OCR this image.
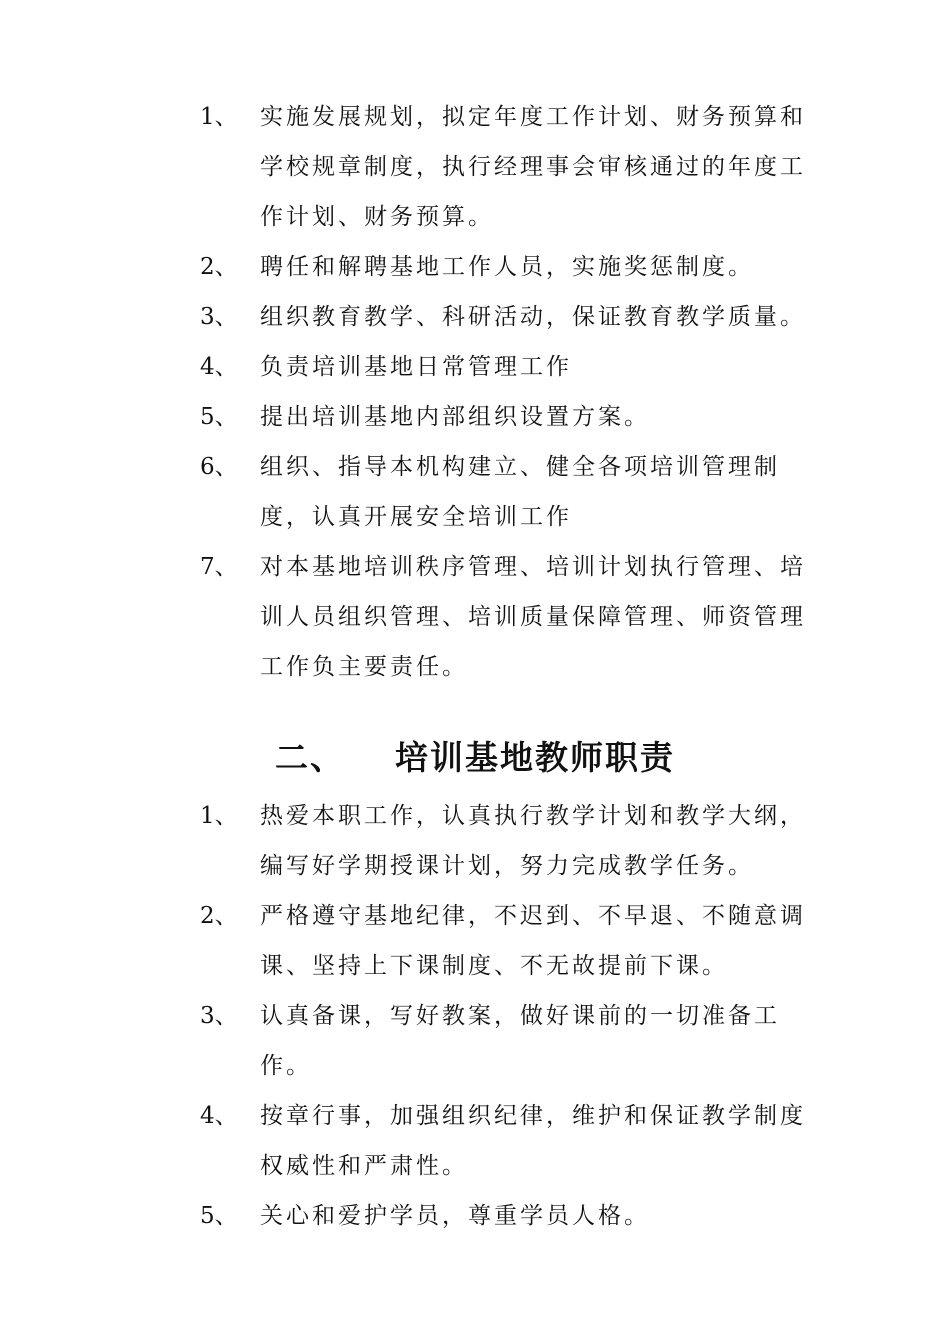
1、 实施发展规划，拟定年度工作计划、财务预算和学校规章制度，执行经理事会审核通过的年度工作计划、财务预算。
2、 聘任和解聘基地工作人员，实施奖惩制度。
3、 组织教育教学、科研活动，保证教育教学质量。
4、 负责培训基地日常管理工作
5、 提出培训基地内部组织设置方案。
6、 组织、指导本机构建立、健全各项培训管理制度，认真开展安全培训工作
7、 对本基地培训秩序管理、培训计划执行管理、培训人员组织管理、培训质量保障管理、师资管理工作负主要责任。
二、 培训基地教师职责
1、 热爱本职工作，认真执行教学计划和教学大纲，编写好学期授课计划，努力完成教学任务。
2、 严格遵守基地纪律，不迟到、不早退、不随意调课、坚持上下课制度、不无故提前下课。
3、 认真备课，写好教案，做好课前的一切准备工作。
4、 按章行事，加强组织纪律，维护和保证教学制度权威性和严肃性。
5、 关心和爱护学员，尊重学员人格。
